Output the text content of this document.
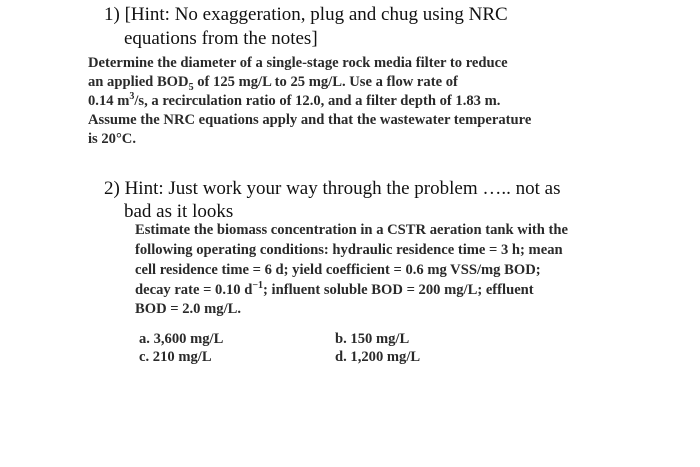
1) [Hint: No exaggeration, plug and chug using NRC
equations from the notes]
Determine the diameter of a single-stage rock media filter to reduce
an applied $BOD_5$ of 125 mg/L to 25 mg/L. Use a flow rate of
0.14 $m^3/s$, a recirculation ratio of 12.0, and a filter depth of 1.83 m.
Assume the NRC equations apply and that the wastewater temperature
is 20°C.
2) Hint: Just work your way through the problem ….. not as
bad as it looks
Estimate the biomass concentration in a CSTR aeration tank with the
following operating conditions: hydraulic residence time = 3 h; mean
cell residence time = 6 d; yield coefficient = 0.6 mg VSS/mg BOD;
decay rate = 0.10 $d^{-1}$; influent soluble BOD = 200 mg/L; effluent
BOD = 2.0 mg/L.
a. 3,600 mg/L	b. 150 mg/L
c. 210 mg/L	d. 1,200 mg/L
